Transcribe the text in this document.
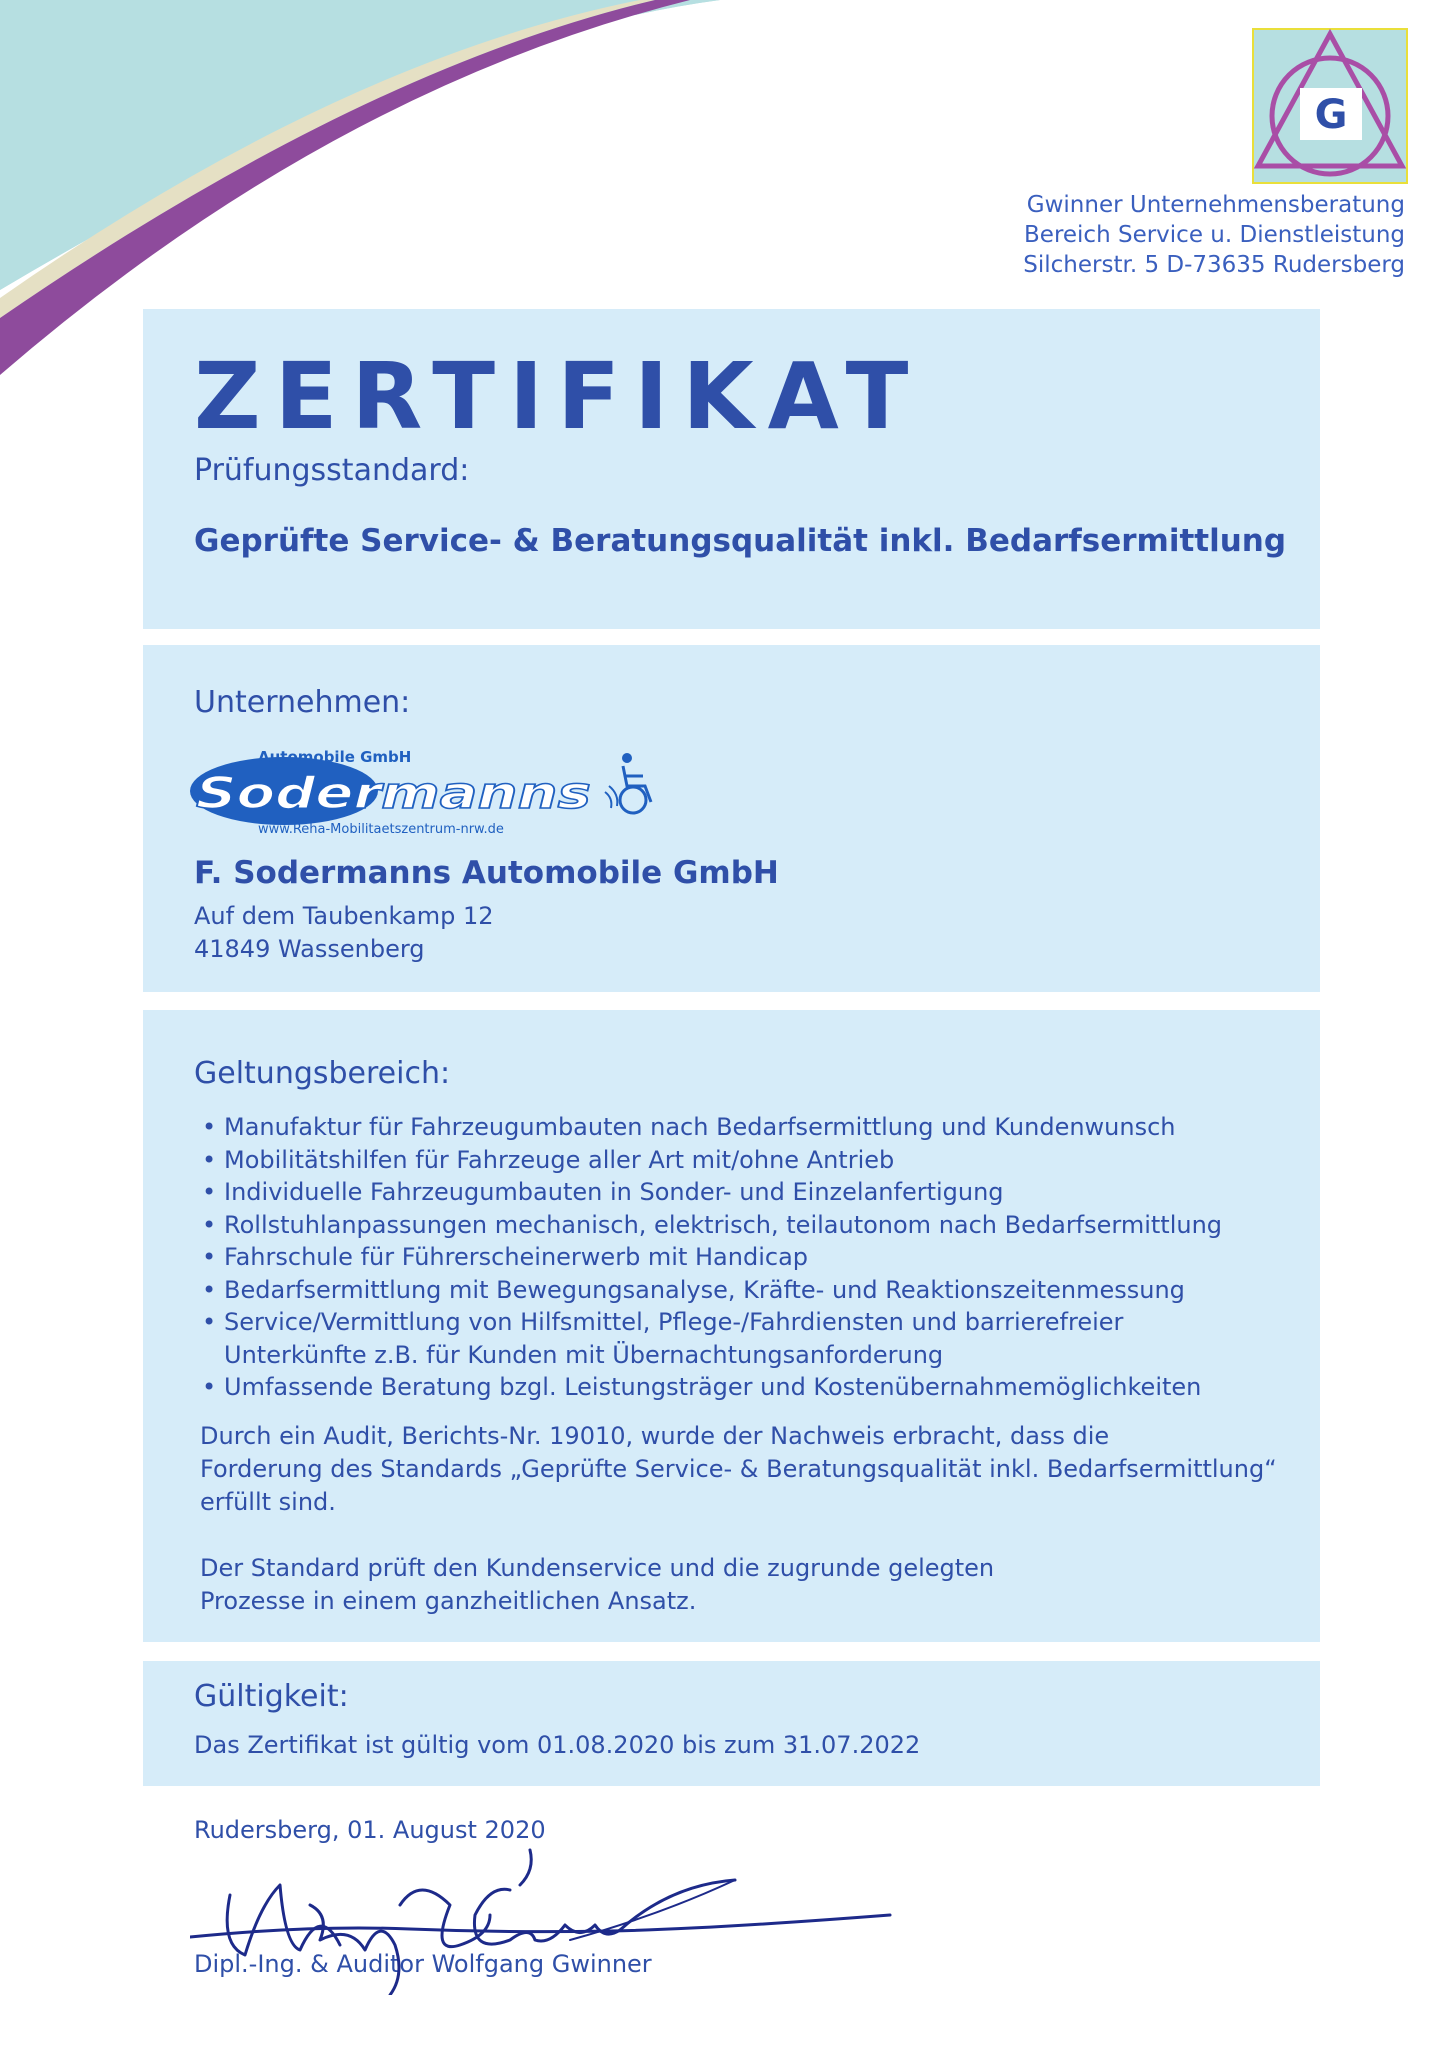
G
Gwinner Unternehmensberatung
Bereich Service u. Dienstleistung
Silcherstr. 5 D-73635 Rudersberg
ZERTIFIKAT
Prüfungsstandard:
Geprüfte Service- & Beratungsqualität inkl. Bedarfsermittlung
Unternehmen:
Automobile GmbH
Sodermanns
www.Reha-Mobilitaetszentrum-nrw.de
F. Sodermanns Automobile GmbH
Auf dem Taubenkamp 12
41849 Wassenberg
Geltungsbereich:
• Manufaktur für Fahrzeugumbauten nach Bedarfsermittlung und Kundenwunsch
• Mobilitätshilfen für Fahrzeuge aller Art mit/ohne Antrieb
• Individuelle Fahrzeugumbauten in Sonder- und Einzelanfertigung
• Rollstuhlanpassungen mechanisch, elektrisch, teilautonom nach Bedarfsermittlung
• Fahrschule für Führerscheinerwerb mit Handicap
• Bedarfsermittlung mit Bewegungsanalyse, Kräfte- und Reaktionszeitenmessung
• Service/Vermittlung von Hilfsmittel, Pflege-/Fahrdiensten und barrierefreier
Unterkünfte z.B. für Kunden mit Übernachtungsanforderung
• Umfassende Beratung bzgl. Leistungsträger und Kostenübernahmemöglichkeiten
Durch ein Audit, Berichts-Nr. 19010, wurde der Nachweis erbracht, dass die
Forderung des Standards „Geprüfte Service- & Beratungsqualität inkl. Bedarfsermittlung“
erfüllt sind.
Der Standard prüft den Kundenservice und die zugrunde gelegten
Prozesse in einem ganzheitlichen Ansatz.
Gültigkeit:
Das Zertifikat ist gültig vom 01.08.2020 bis zum 31.07.2022
Rudersberg, 01. August 2020
Dipl.-Ing. & Auditor Wolfgang Gwinner
